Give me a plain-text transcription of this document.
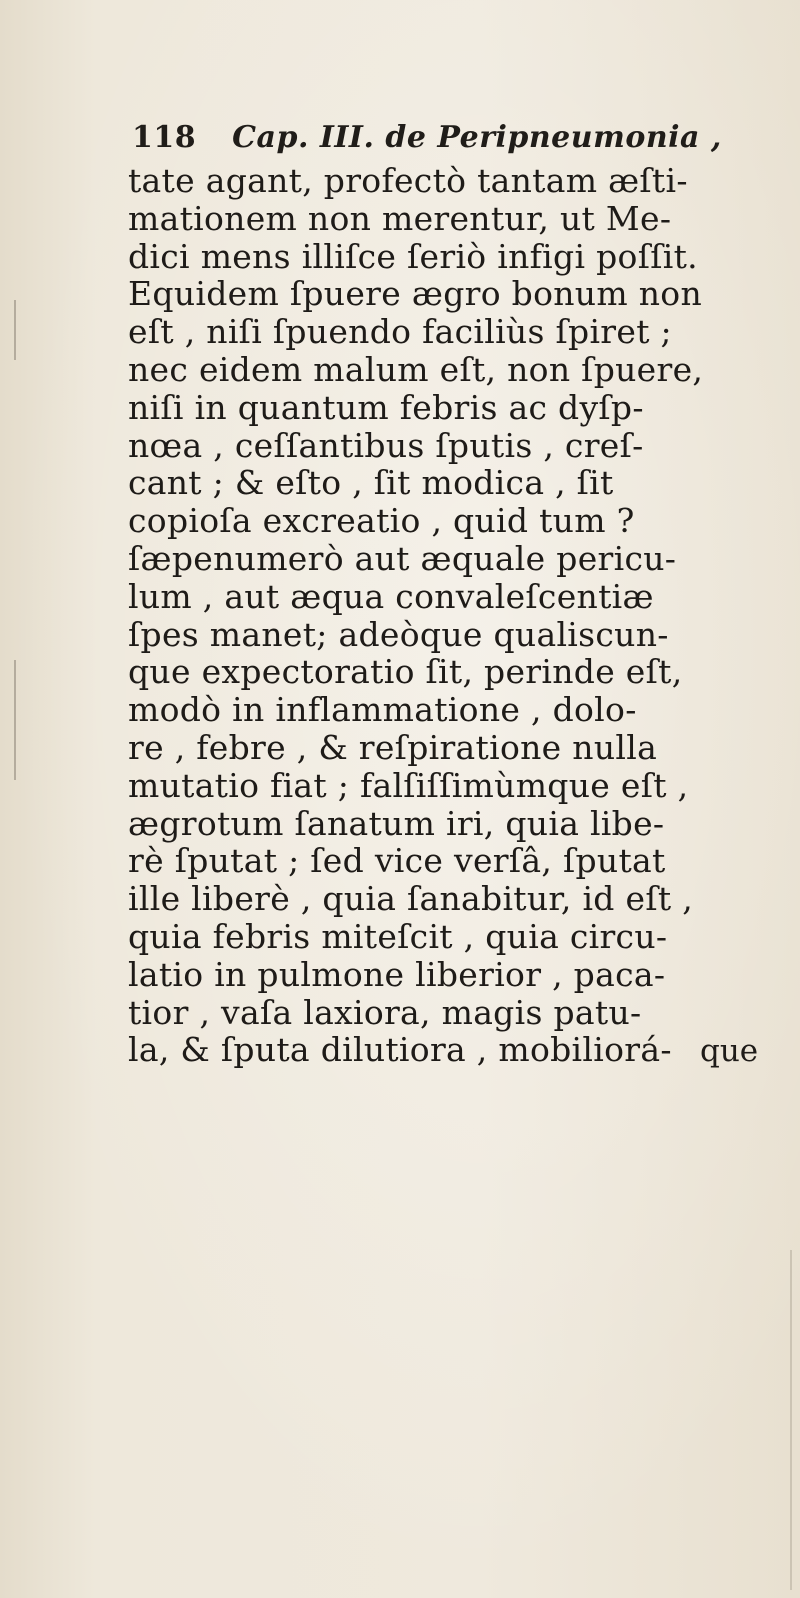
118 Cap. III. de Peripneumonia ,
tate agant, profectò tantam æſti-
mationem non merentur, ut Me-
dici mens illiſce ſeriò infigi poſſit.
Equidem ſpuere ægro bonum non
eſt , niſi ſpuendo faciliùs ſpiret ;
nec eidem malum eſt, non ſpuere,
niſi in quantum febris ac dyſp-
nœa , ceſſantibus ſputis , creſ-
cant ; & eſto , ſit modica , ſit
copioſa excreatio , quid tum ?
ſæpenumerò aut æquale pericu-
lum , aut æqua convaleſcentiæ
ſpes manet; adeòque qualiscun-
que expectoratio ſit, perinde eſt,
modò in inflammatione , dolo-
re , febre , & reſpiratione nulla
mutatio fiat ; falſiſſimùmque eſt ,
ægrotum ſanatum iri, quia libe-
rè ſputat ; ſed vice verſâ, ſputat
ille liberè , quia ſanabitur, id eſt ,
quia febris miteſcit , quia circu-
latio in pulmone liberior , paca-
tior , vaſa laxiora, magis patu-
la, & ſputa dilutiora , mobiliorá- que
